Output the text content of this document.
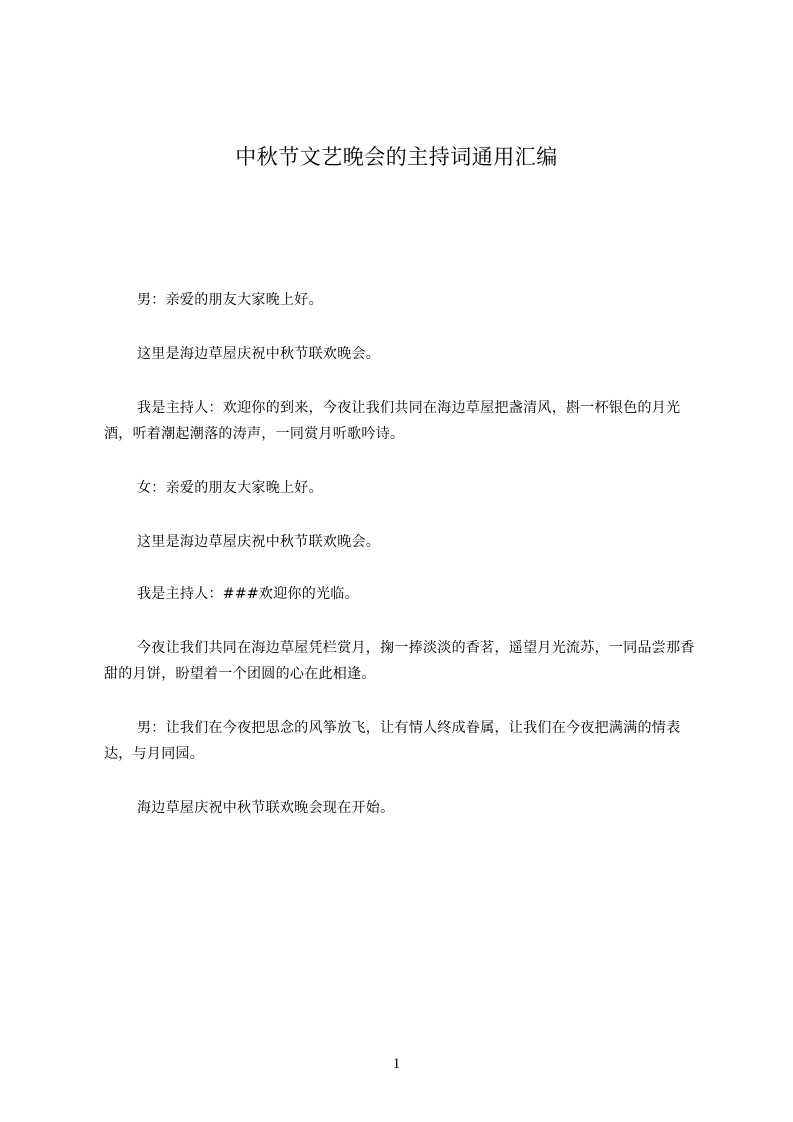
中秋节文艺晚会的主持词通用汇编

男：亲爱的朋友大家晚上好。

这里是海边草屋庆祝中秋节联欢晚会。

我是主持人：欢迎你的到来，今夜让我们共同在海边草屋把盏清风，斟一杯银色的月光酒，听着潮起潮落的涛声，一同赏月听歌吟诗。

女：亲爱的朋友大家晚上好。

这里是海边草屋庆祝中秋节联欢晚会。

我是主持人：###欢迎你的光临。

今夜让我们共同在海边草屋凭栏赏月，掬一捧淡淡的香茗，遥望月光流苏，一同品尝那香甜的月饼，盼望着一个团圆的心在此相逢。

男：让我们在今夜把思念的风筝放飞，让有情人终成眷属，让我们在今夜把满满的情表达，与月同园。

海边草屋庆祝中秋节联欢晚会现在开始。

1
